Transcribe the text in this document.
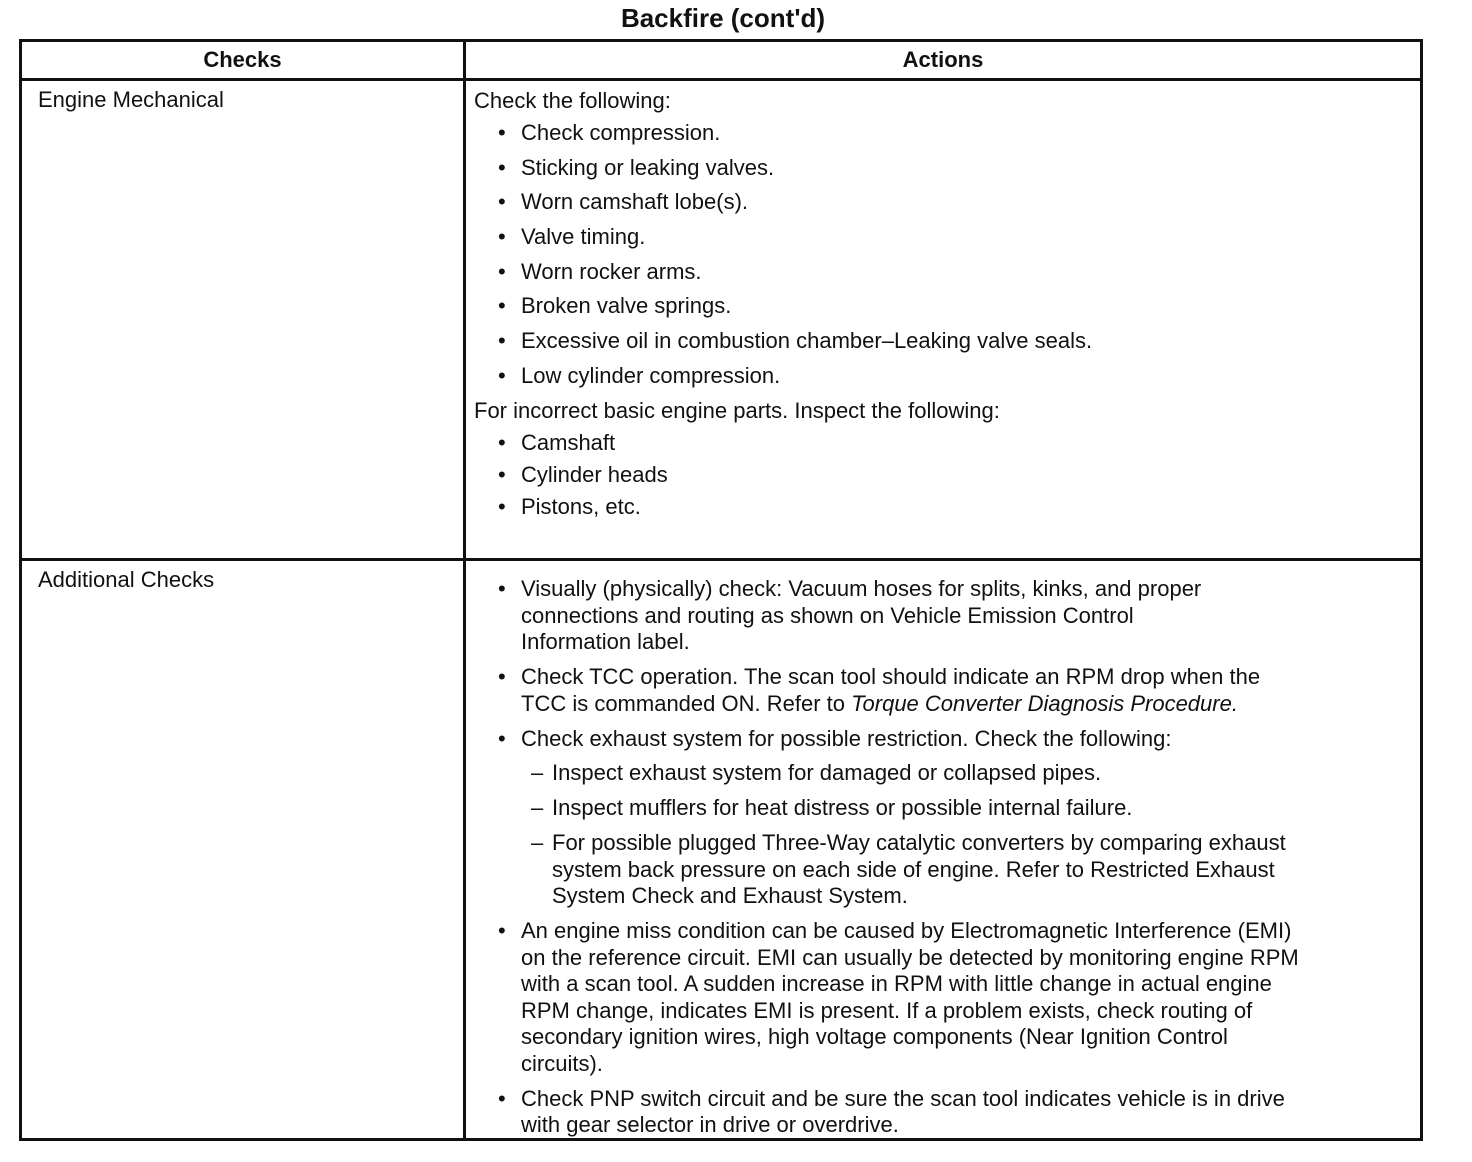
Backfire (cont'd)
Checks	Actions
Engine Mechanical	Check the following:
• Check compression.
• Sticking or leaking valves.
• Worn camshaft lobe(s).
• Valve timing.
• Worn rocker arms.
• Broken valve springs.
• Excessive oil in combustion chamber–Leaking valve seals.
• Low cylinder compression.
For incorrect basic engine parts. Inspect the following:
• Camshaft
• Cylinder heads
• Pistons, etc.
Additional Checks
•	Visually (physically) check: Vacuum hoses for splits, kinks, and proper
connections and routing as shown on Vehicle Emission Control
Information label.
• Check TCC operation. The scan tool should indicate an RPM drop when the
TCC is commanded ON. Refer to Torque Converter Diagnosis Procedure.
• Check exhaust system for possible restriction. Check the following:
– Inspect exhaust system for damaged or collapsed pipes.
– Inspect mufflers for heat distress or possible internal failure.
– For possible plugged Three-Way catalytic converters by comparing exhaust
system back pressure on each side of engine. Refer to Restricted Exhaust
System Check and Exhaust System.
• An engine miss condition can be caused by Electromagnetic Interference (EMI)
on the reference circuit. EMI can usually be detected by monitoring engine RPM
with a scan tool. A sudden increase in RPM with little change in actual engine
RPM change, indicates EMI is present. If a problem exists, check routing of
secondary ignition wires, high voltage components (Near Ignition Control
circuits).
• Check PNP switch circuit and be sure the scan tool indicates vehicle is in drive
with gear selector in drive or overdrive.
